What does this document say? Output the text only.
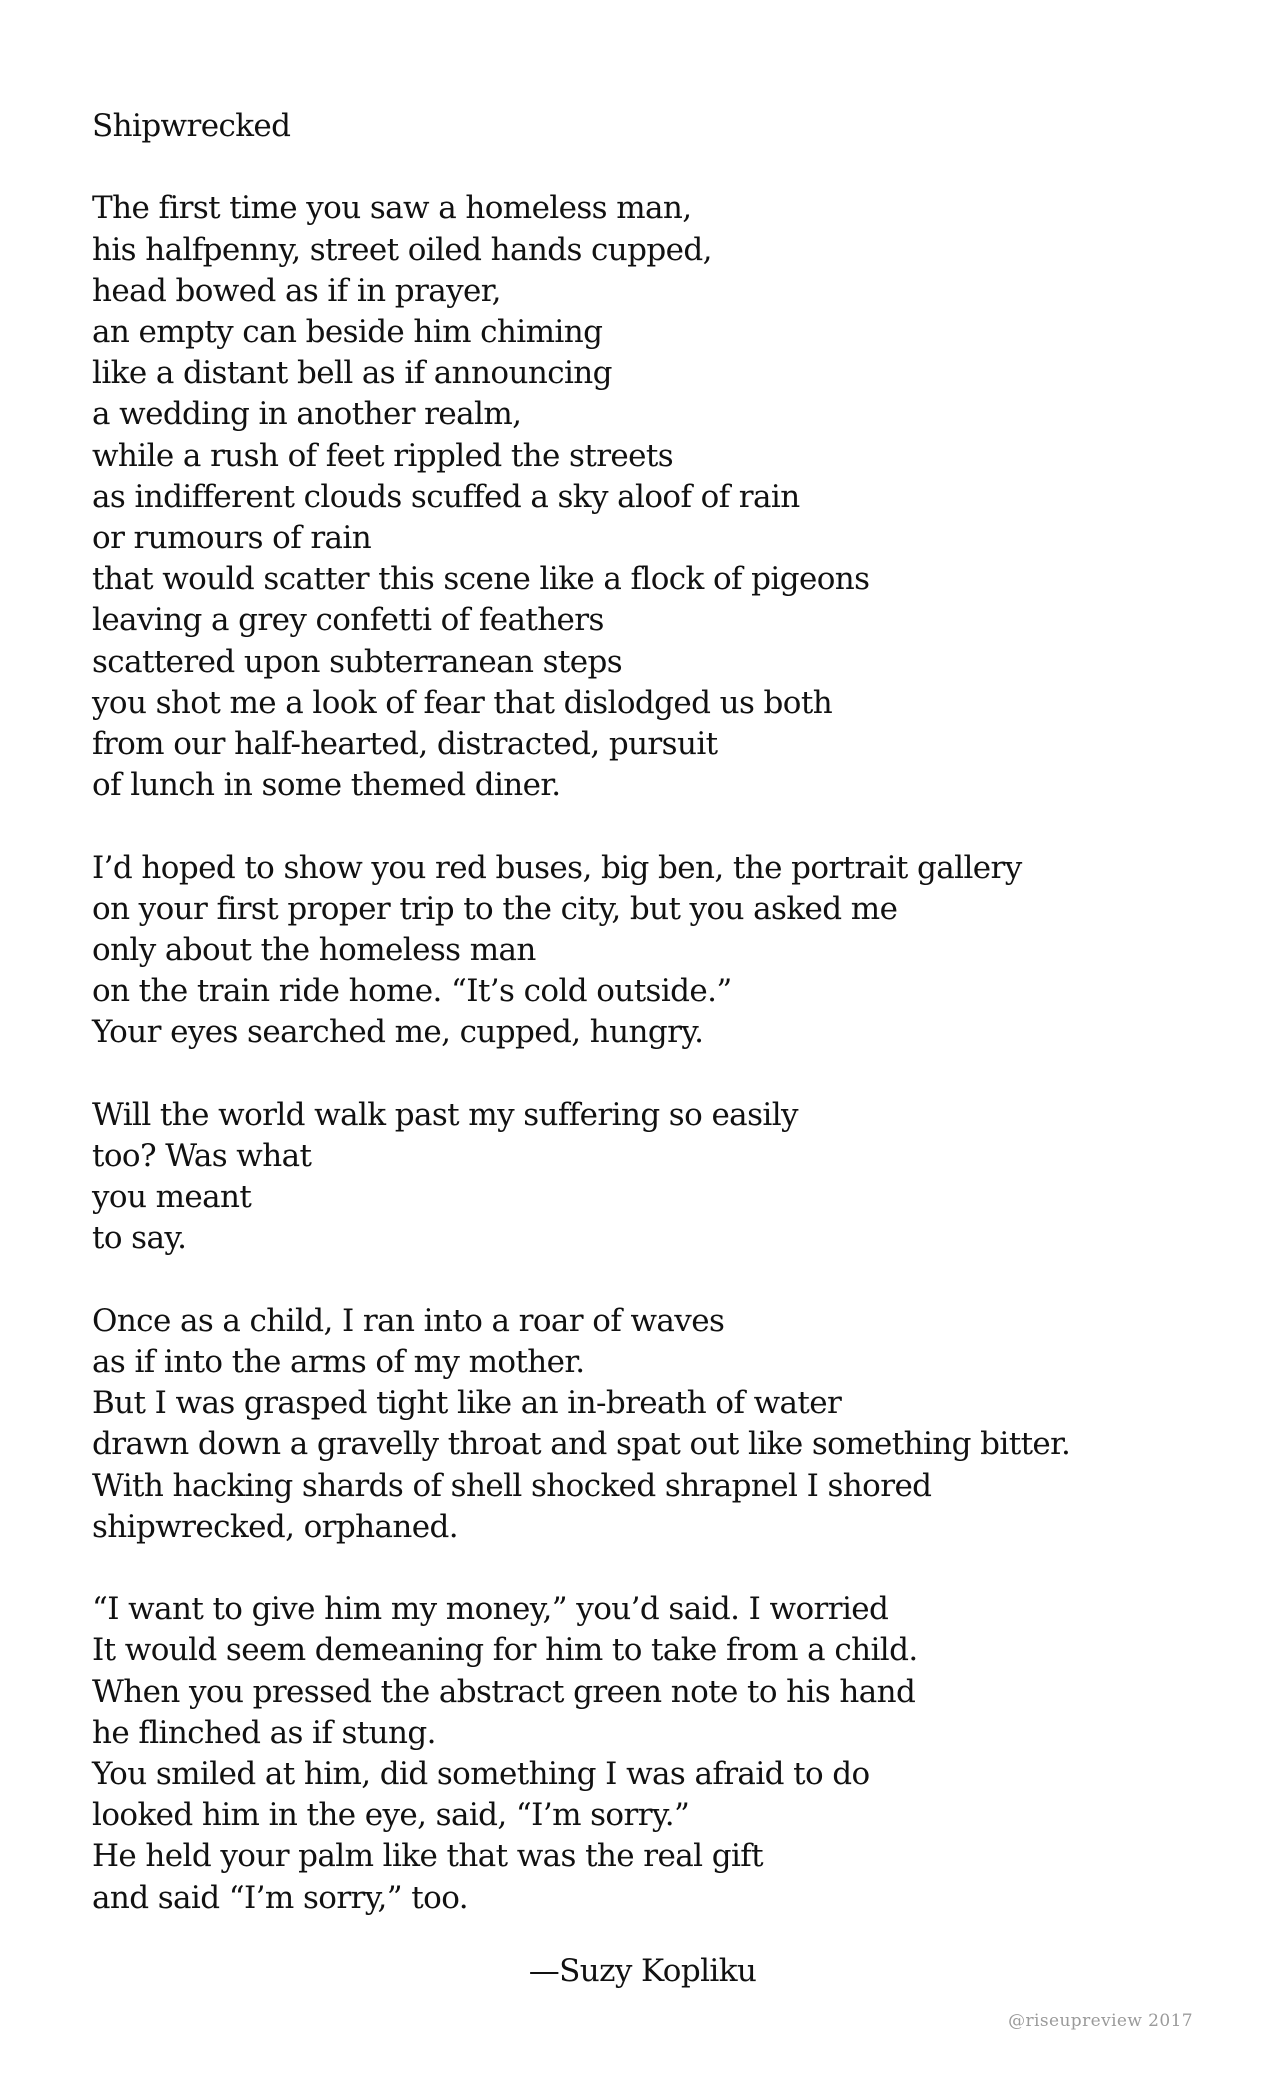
Shipwrecked
The first time you saw a homeless man,
his halfpenny, street oiled hands cupped,
head bowed as if in prayer,
an empty can beside him chiming
like a distant bell as if announcing
a wedding in another realm,
while a rush of feet rippled the streets
as indifferent clouds scuffed a sky aloof of rain
or rumours of rain
that would scatter this scene like a flock of pigeons
leaving a grey confetti of feathers
scattered upon subterranean steps
you shot me a look of fear that dislodged us both
from our half-hearted, distracted, pursuit
of lunch in some themed diner.
I’d hoped to show you red buses, big ben, the portrait gallery
on your first proper trip to the city, but you asked me
only about the homeless man
on the train ride home. “It’s cold outside.”
Your eyes searched me, cupped, hungry.
Will the world walk past my suffering so easily
too? Was what
you meant
to say.
Once as a child, I ran into a roar of waves
as if into the arms of my mother.
But I was grasped tight like an in-breath of water
drawn down a gravelly throat and spat out like something bitter.
With hacking shards of shell shocked shrapnel I shored
shipwrecked, orphaned.
“I want to give him my money,” you’d said. I worried
It would seem demeaning for him to take from a child.
When you pressed the abstract green note to his hand
he flinched as if stung.
You smiled at him, did something I was afraid to do
looked him in the eye, said, “I’m sorry.”
He held your palm like that was the real gift
and said “I’m sorry,” too.
—Suzy Kopliku
@riseupreview 2017
